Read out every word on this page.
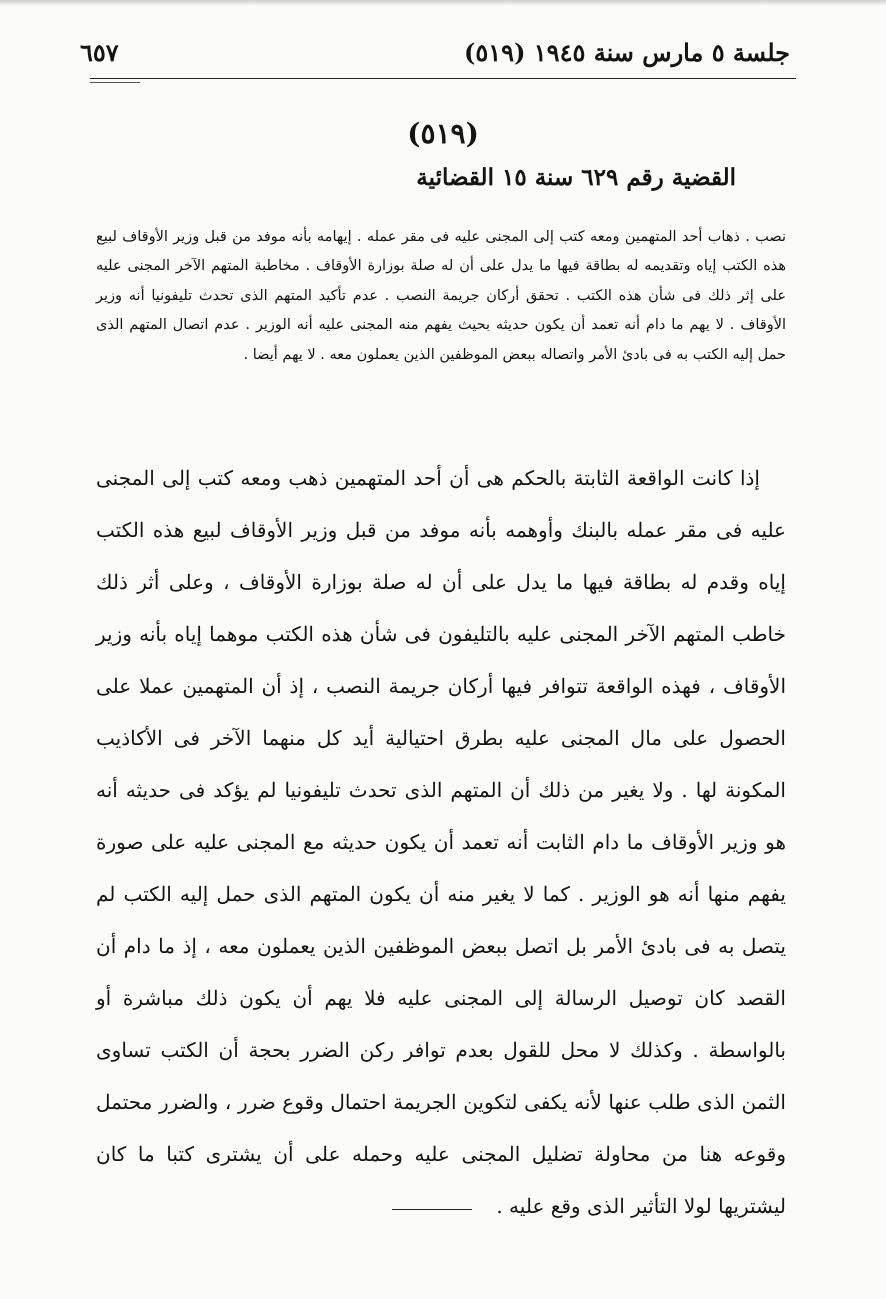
جلسة ٥ مارس سنة ١٩٤٥ (٥١٩)
٦٥٧
(٥١٩)
القضية رقم ٦٢٩ سنة ١٥ القضائية

نصب . ذهاب أحد المتهمين ومعه كتب إلى المجنى عليه فى مقر عمله . إيهامه بأنه موفد من قبل وزير الأوقاف لبيع هذه الكتب إياه وتقديمه له بطاقة فيها ما يدل على أن له صلة بوزارة الأوقاف . مخاطبة المتهم الآخر المجنى عليه على إثر ذلك فى شأن هذه الكتب . تحقق أركان جريمة النصب . عدم تأكيد المتهم الذى تحدث تليفونيا أنه وزير الأوقاف . لا يهم ما دام أنه تعمد أن يكون حديثه بحيث يفهم منه المجنى عليه أنه الوزير . عدم اتصال المتهم الذى حمل إليه الكتب به فى بادئ الأمر واتصاله ببعض الموظفين الذين يعملون معه . لا يهم أيضا .

إذا كانت الواقعة الثابتة بالحكم هى أن أحد المتهمين ذهب ومعه كتب إلى المجنى عليه فى مقر عمله بالبنك وأوهمه بأنه موفد من قبل وزير الأوقاف لبيع هذه الكتب إياه وقدم له بطاقة فيها ما يدل على أن له صلة بوزارة الأوقاف ، وعلى أثر ذلك خاطب المتهم الآخر المجنى عليه بالتليفون فى شأن هذه الكتب موهما إياه بأنه وزير الأوقاف ، فهذه الواقعة تتوافر فيها أركان جريمة النصب ، إذ أن المتهمين عملا على الحصول على مال المجنى عليه بطرق احتيالية أيد كل منهما الآخر فى الأكاذيب المكونة لها . ولا يغير من ذلك أن المتهم الذى تحدث تليفونيا لم يؤكد فى حديثه أنه هو وزير الأوقاف ما دام الثابت أنه تعمد أن يكون حديثه مع المجنى عليه على صورة يفهم منها أنه هو الوزير . كما لا يغير منه أن يكون المتهم الذى حمل إليه الكتب لم يتصل به فى بادئ الأمر بل اتصل ببعض الموظفين الذين يعملون معه ، إذ ما دام أن القصد كان توصيل الرسالة إلى المجنى عليه فلا يهم أن يكون ذلك مباشرة أو بالواسطة . وكذلك لا محل للقول بعدم توافر ركن الضرر بحجة أن الكتب تساوى الثمن الذى طلب عنها لأنه يكفى لتكوين الجريمة احتمال وقوع ضرر ، والضرر محتمل وقوعه هنا من محاولة تضليل المجنى عليه وحمله على أن يشترى كتبا ما كان ليشتريها لولا التأثير الذى وقع عليه .
